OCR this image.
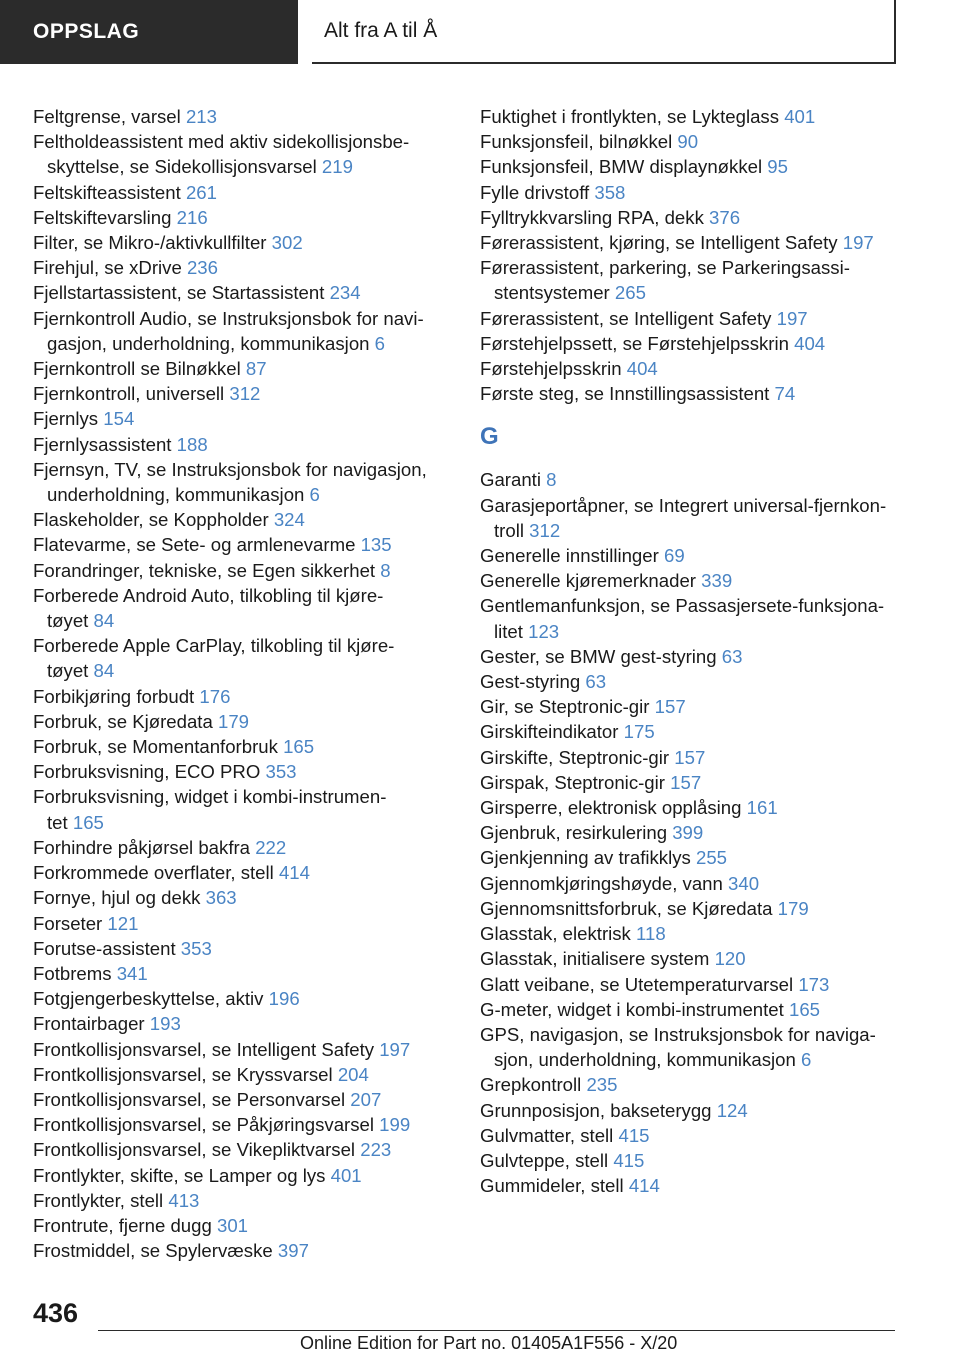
OPPSLAG	Alt fra A til Å
Feltgrense, varsel 213
Feltholdeassistent med aktiv sidekollisjonsbe‐
skyttelse, se Sidekollisjonsvarsel 219
Feltskifteassistent 261
Feltskiftevarsling 216
Filter, se Mikro-/aktivkullfilter 302
Firehjul, se xDrive 236
Fjellstartassistent, se Startassistent 234
Fjernkontroll Audio, se Instruksjonsbok for navi‐
gasjon, underholdning, kommunikasjon 6
Fjernkontroll se Bilnøkkel 87
Fjernkontroll, universell 312
Fjernlys 154
Fjernlysassistent 188
Fjernsyn, TV, se Instruksjonsbok for navigasjon,
underholdning, kommunikasjon 6
Flaskeholder, se Koppholder 324
Flatevarme, se Sete- og armlenevarme 135
Forandringer, tekniske, se Egen sikkerhet 8
Forberede Android Auto, tilkobling til kjøre‐
tøyet 84
Forberede Apple CarPlay, tilkobling til kjøre‐
tøyet 84
Forbikjøring forbudt 176
Forbruk, se Kjøredata 179
Forbruk, se Momentanforbruk 165
Forbruksvisning, ECO PRO 353
Forbruksvisning, widget i kombi-instrumen‐
tet 165
Forhindre påkjørsel bakfra 222
Forkrommede overflater, stell 414
Fornye, hjul og dekk 363
Forseter 121
Forutse-assistent 353
Fotbrems 341
Fotgjengerbeskyttelse, aktiv 196
Frontairbager 193
Frontkollisjonsvarsel, se Intelligent Safety 197
Frontkollisjonsvarsel, se Kryssvarsel 204
Frontkollisjonsvarsel, se Personvarsel 207
Frontkollisjonsvarsel, se Påkjøringsvarsel 199
Frontkollisjonsvarsel, se Vikepliktvarsel 223
Frontlykter, skifte, se Lamper og lys 401
Frontlykter, stell 413
Frontrute, fjerne dugg 301
Frostmiddel, se Spylervæske 397
Fuktighet i frontlykten, se Lykteglass 401
Funksjonsfeil, bilnøkkel 90
Funksjonsfeil, BMW displaynøkkel 95
Fylle drivstoff 358
Fylltrykkvarsling RPA, dekk 376
Førerassistent, kjøring, se Intelligent Safety 197
Førerassistent, parkering, se Parkeringsassi‐
stentsystemer 265
Førerassistent, se Intelligent Safety 197
Førstehjelpssett, se Førstehjelpsskrin 404
Førstehjelpsskrin 404
Første steg, se Innstillingsassistent 74
G
Garanti 8
Garasjeportåpner, se Integrert universal-fjernkon‐
troll 312
Generelle innstillinger 69
Generelle kjøremerknader 339
Gentlemanfunksjon, se Passasjersete-funksjona‐
litet 123
Gester, se BMW gest-styring 63
Gest-styring 63
Gir, se Steptronic-gir 157
Girskifteindikator 175
Girskifte, Steptronic-gir 157
Girspak, Steptronic-gir 157
Girsperre, elektronisk opplåsing 161
Gjenbruk, resirkulering 399
Gjenkjenning av trafikklys 255
Gjennomkjøringshøyde, vann 340
Gjennomsnittsforbruk, se Kjøredata 179
Glasstak, elektrisk 118
Glasstak, initialisere system 120
Glatt veibane, se Utetemperaturvarsel 173
G-meter, widget i kombi-instrumentet 165
GPS, navigasjon, se Instruksjonsbok for naviga‐
sjon, underholdning, kommunikasjon 6
Grepkontroll 235
Grunnposisjon, bakseterygg 124
Gulvmatter, stell 415
Gulvteppe, stell 415
Gummideler, stell 414
436
Online Edition for Part no. 01405A1F556 - X/20
